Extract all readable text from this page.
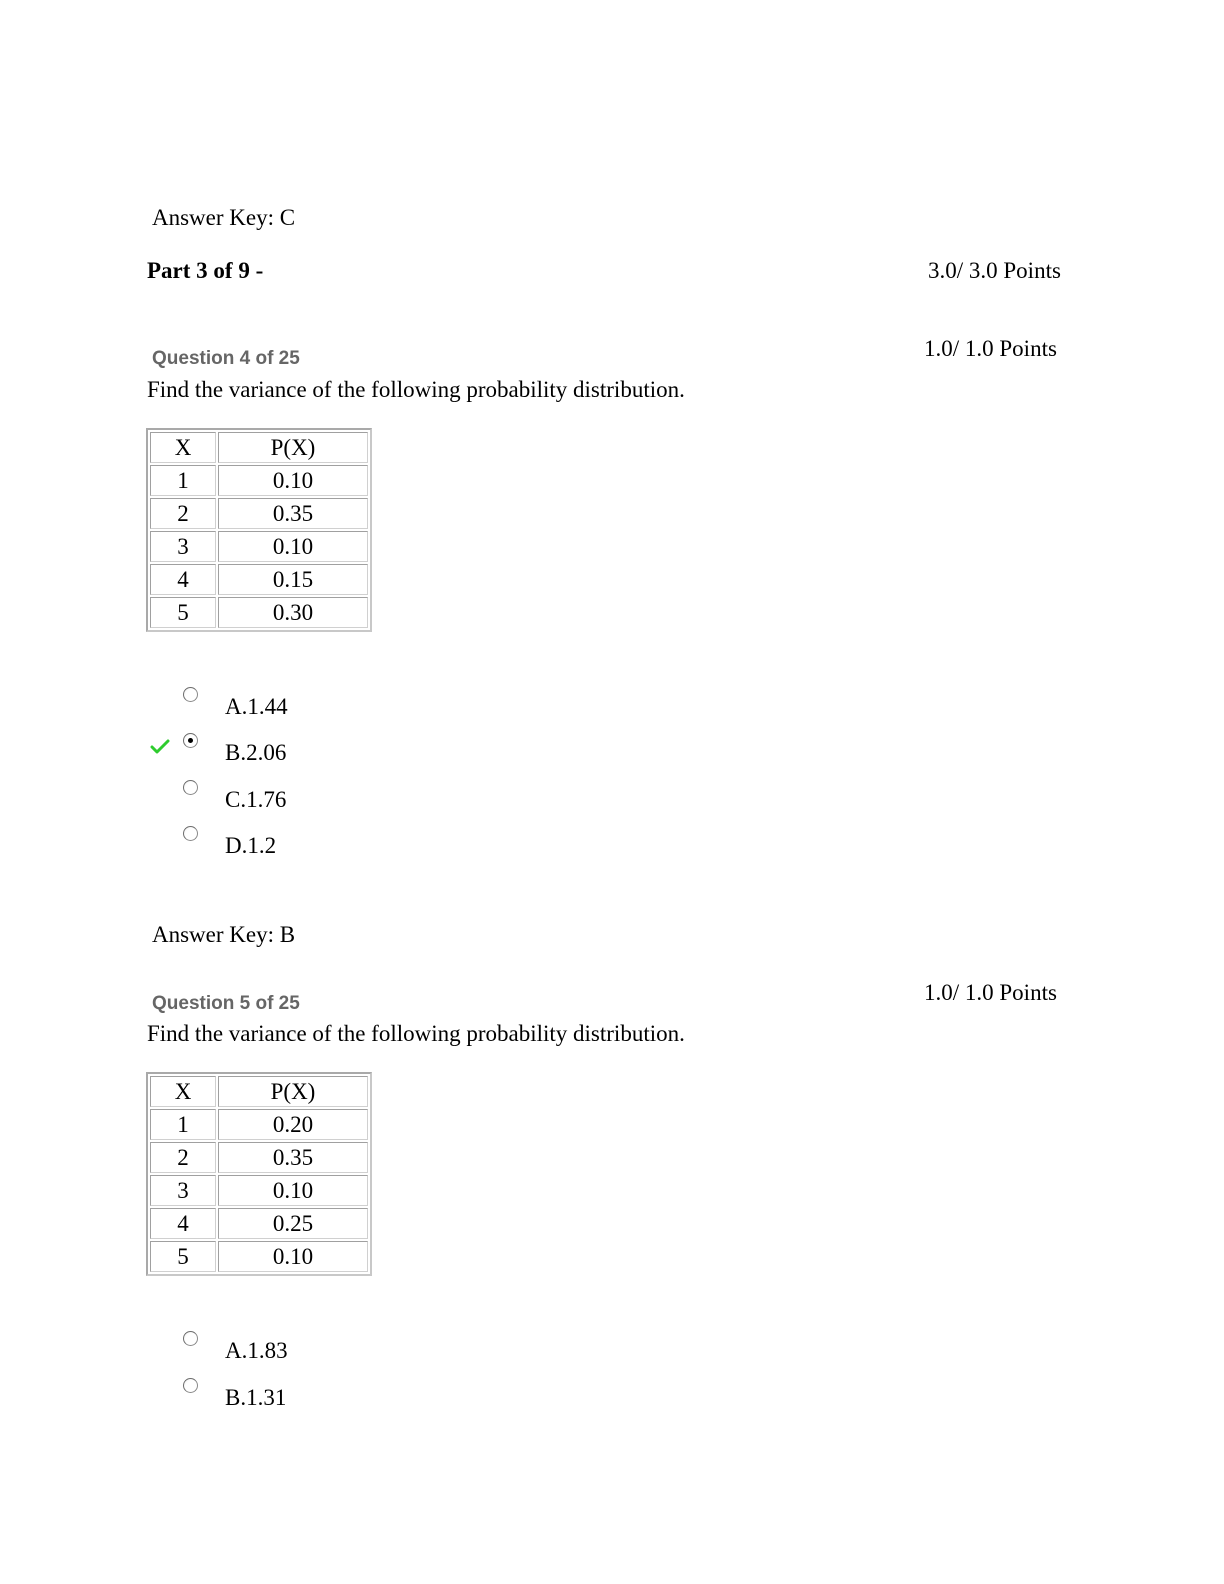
Answer Key: C
Part 3 of 9 -	3.0/ 3.0 Points
1.0/ 1.0 Points
Question 4 of 25
Find the variance of the following probability distribution.
X	P(X)
1	0.10
2	0.35
3	0.10
4	0.15
5	0.30
A.1.44
B.2.06
C.1.76
D.1.2
Answer Key: B
1.0/ 1.0 Points
Question 5 of 25
Find the variance of the following probability distribution.
X	P(X)
1	0.20
2	0.35
3	0.10
4	0.25
5	0.10
A.1.83
B.1.31
